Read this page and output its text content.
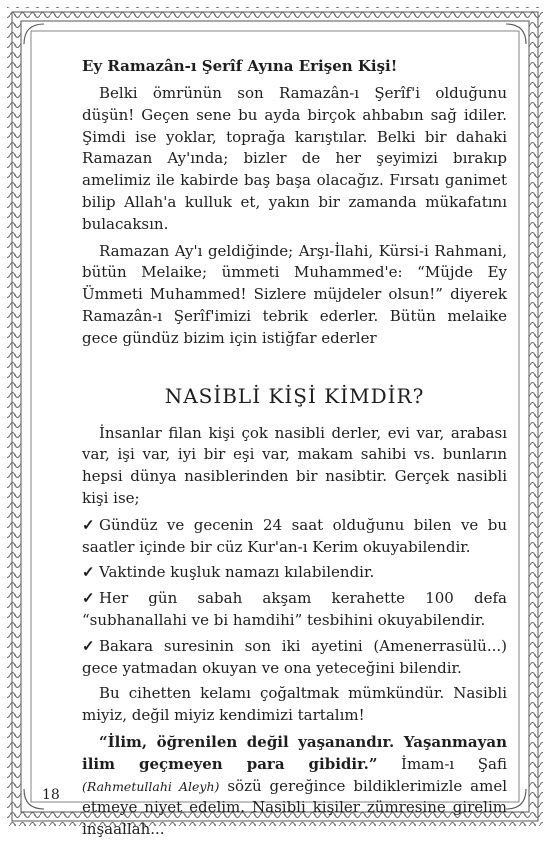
Ey Ramazân-ı Şerîf Ayına Erişen Kişi!

Belki ömrünün son Ramazân-ı Şerîf'i olduğunu düşün! Geçen sene bu ayda birçok ahbabın sağ idiler. Şimdi ise yoklar, toprağa karıştılar. Belki bir dahaki Ramazan Ay'ında; bizler de her şeyimizi bırakıp amelimiz ile kabirde baş başa olacağız. Fırsatı ganimet bilip Allah'a kulluk et, yakın bir zamanda mükafatını bulacaksın.

Ramazan Ay'ı geldiğinde; Arşı-İlahi, Kürsi-i Rahmani, bütün Melaike; ümmeti Muhammed'e: “Müjde Ey Ümmeti Muhammed! Sizlere müjdeler olsun!” diyerek Ramazân-ı Şerîf'imizi tebrik ederler. Bütün melaike gece gündüz bizim için istiğfar ederler

NASİBLİ KİŞİ KİMDİR?

İnsanlar filan kişi çok nasibli derler, evi var, arabası var, işi var, iyi bir eşi var, makam sahibi vs. bunların hepsi dünya nasiblerinden bir nasibtir. Gerçek nasibli kişi ise;

✓ Gündüz ve gecenin 24 saat olduğunu bilen ve bu saatler içinde bir cüz Kur'an-ı Kerim okuyabilendir.
✓ Vaktinde kuşluk namazı kılabilendir.
✓ Her gün sabah akşam kerahette 100 defa “subhanallahi ve bi hamdihi” tesbihini okuyabilendir.
✓ Bakara suresinin son iki ayetini (Amenerrasülü...) gece yatmadan okuyan ve ona yeteceğini bilendir.

Bu cihetten kelamı çoğaltmak mümkündür. Nasibli miyiz, değil miyiz kendimizi tartalım!

“İlim, öğrenilen değil yaşanandır. Yaşanmayan ilim geçmeyen para gibidir.” İmam-ı Şafi (Rahmetullahi Aleyh) sözü gereğince bildiklerimizle amel etmeye niyet edelim. Nasibli kişiler zümresine girelim inşaallah...

18
